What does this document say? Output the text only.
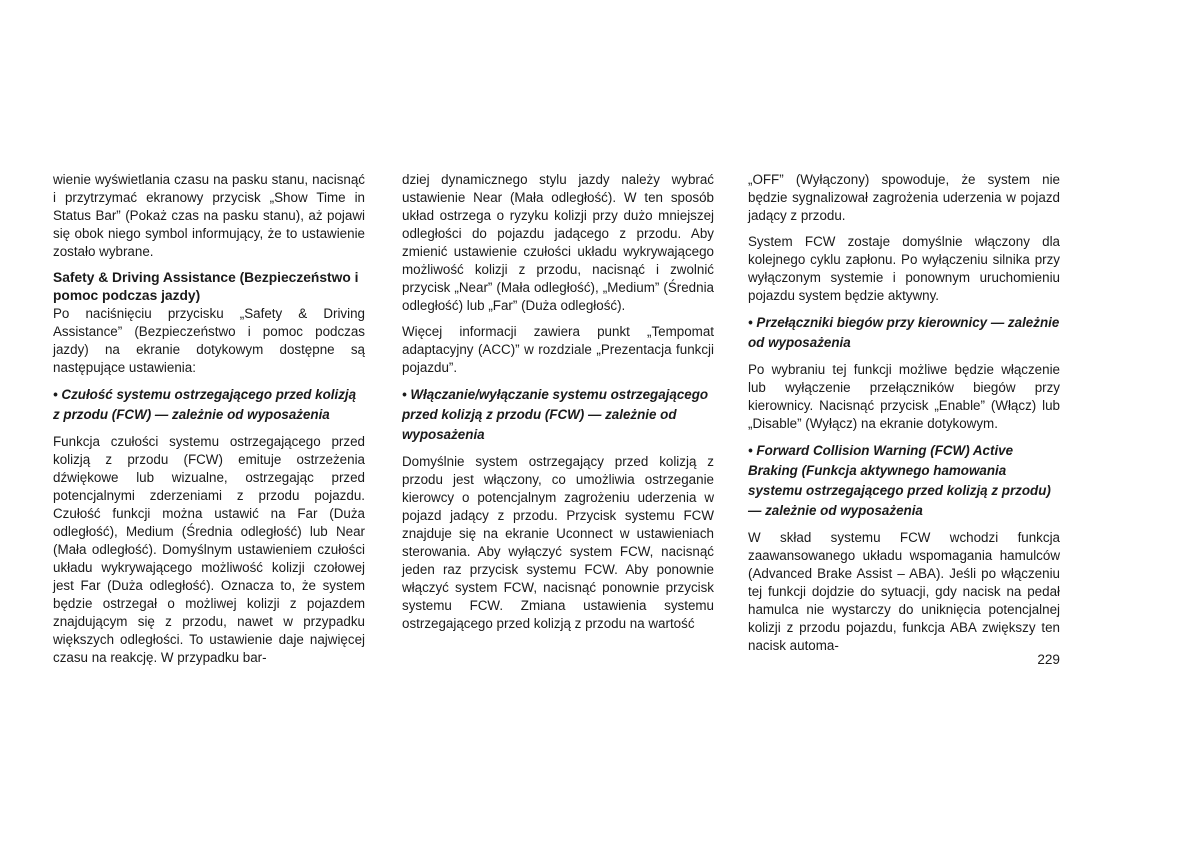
wienie wyświetlania czasu na pasku stanu, nacisnąć i przytrzymać ekranowy przycisk „Show Time in Status Bar” (Pokaż czas na pasku stanu), aż pojawi się obok niego symbol informujący, że to ustawienie zostało wybrane.

Safety & Driving Assistance (Bezpieczeństwo i pomoc podczas jazdy)

Po naciśnięciu przycisku „Safety & Driving Assistance” (Bezpieczeństwo i pomoc podczas jazdy) na ekranie dotykowym dostępne są następujące ustawienia:

• Czułość systemu ostrzegającego przed kolizją z przodu (FCW) — zależnie od wyposażenia

Funkcja czułości systemu ostrzegającego przed kolizją z przodu (FCW) emituje ostrzeżenia dźwiękowe lub wizualne, ostrzegając przed potencjalnymi zderzeniami z przodu pojazdu. Czułość funkcji można ustawić na Far (Duża odległość), Medium (Średnia odległość) lub Near (Mała odległość). Domyślnym ustawieniem czułości układu wykrywającego możliwość kolizji czołowej jest Far (Duża odległość). Oznacza to, że system będzie ostrzegał o możliwej kolizji z pojazdem znajdującym się z przodu, nawet w przypadku większych odległości. To ustawienie daje najwięcej czasu na reakcję. W przypadku bar-

dziej dynamicznego stylu jazdy należy wybrać ustawienie Near (Mała odległość). W ten sposób układ ostrzega o ryzyku kolizji przy dużo mniejszej odległości do pojazdu jadącego z przodu. Aby zmienić ustawienie czułości układu wykrywającego możliwość kolizji z przodu, nacisnąć i zwolnić przycisk „Near” (Mała odległość), „Medium” (Średnia odległość) lub „Far” (Duża odległość).

Więcej informacji zawiera punkt „Tempomat adaptacyjny (ACC)” w rozdziale „Prezentacja funkcji pojazdu”.

• Włączanie/wyłączanie systemu ostrzegającego przed kolizją z przodu (FCW) — zależnie od wyposażenia

Domyślnie system ostrzegający przed kolizją z przodu jest włączony, co umożliwia ostrzeganie kierowcy o potencjalnym zagrożeniu uderzenia w pojazd jadący z przodu. Przycisk systemu FCW znajduje się na ekranie Uconnect w ustawieniach sterowania. Aby wyłączyć system FCW, nacisnąć jeden raz przycisk systemu FCW. Aby ponownie włączyć system FCW, nacisnąć ponownie przycisk systemu FCW. Zmiana ustawienia systemu ostrzegającego przed kolizją z przodu na wartość

„OFF” (Wyłączony) spowoduje, że system nie będzie sygnalizował zagrożenia uderzenia w pojazd jadący z przodu.

System FCW zostaje domyślnie włączony dla kolejnego cyklu zapłonu. Po wyłączeniu silnika przy wyłączonym systemie i ponownym uruchomieniu pojazdu system będzie aktywny.

• Przełączniki biegów przy kierownicy — zależnie od wyposażenia

Po wybraniu tej funkcji możliwe będzie włączenie lub wyłączenie przełączników biegów przy kierownicy. Nacisnąć przycisk „Enable” (Włącz) lub „Disable” (Wyłącz) na ekranie dotykowym.

• Forward Collision Warning (FCW) Active Braking (Funkcja aktywnego hamowania systemu ostrzegającego przed kolizją z przodu) — zależnie od wyposażenia

W skład systemu FCW wchodzi funkcja zaawansowanego układu wspomagania hamulców (Advanced Brake Assist – ABA). Jeśli po włączeniu tej funkcji dojdzie do sytuacji, gdy nacisk na pedał hamulca nie wystarczy do uniknięcia potencjalnej kolizji z przodu pojazdu, funkcja ABA zwiększy ten nacisk automa-

229
